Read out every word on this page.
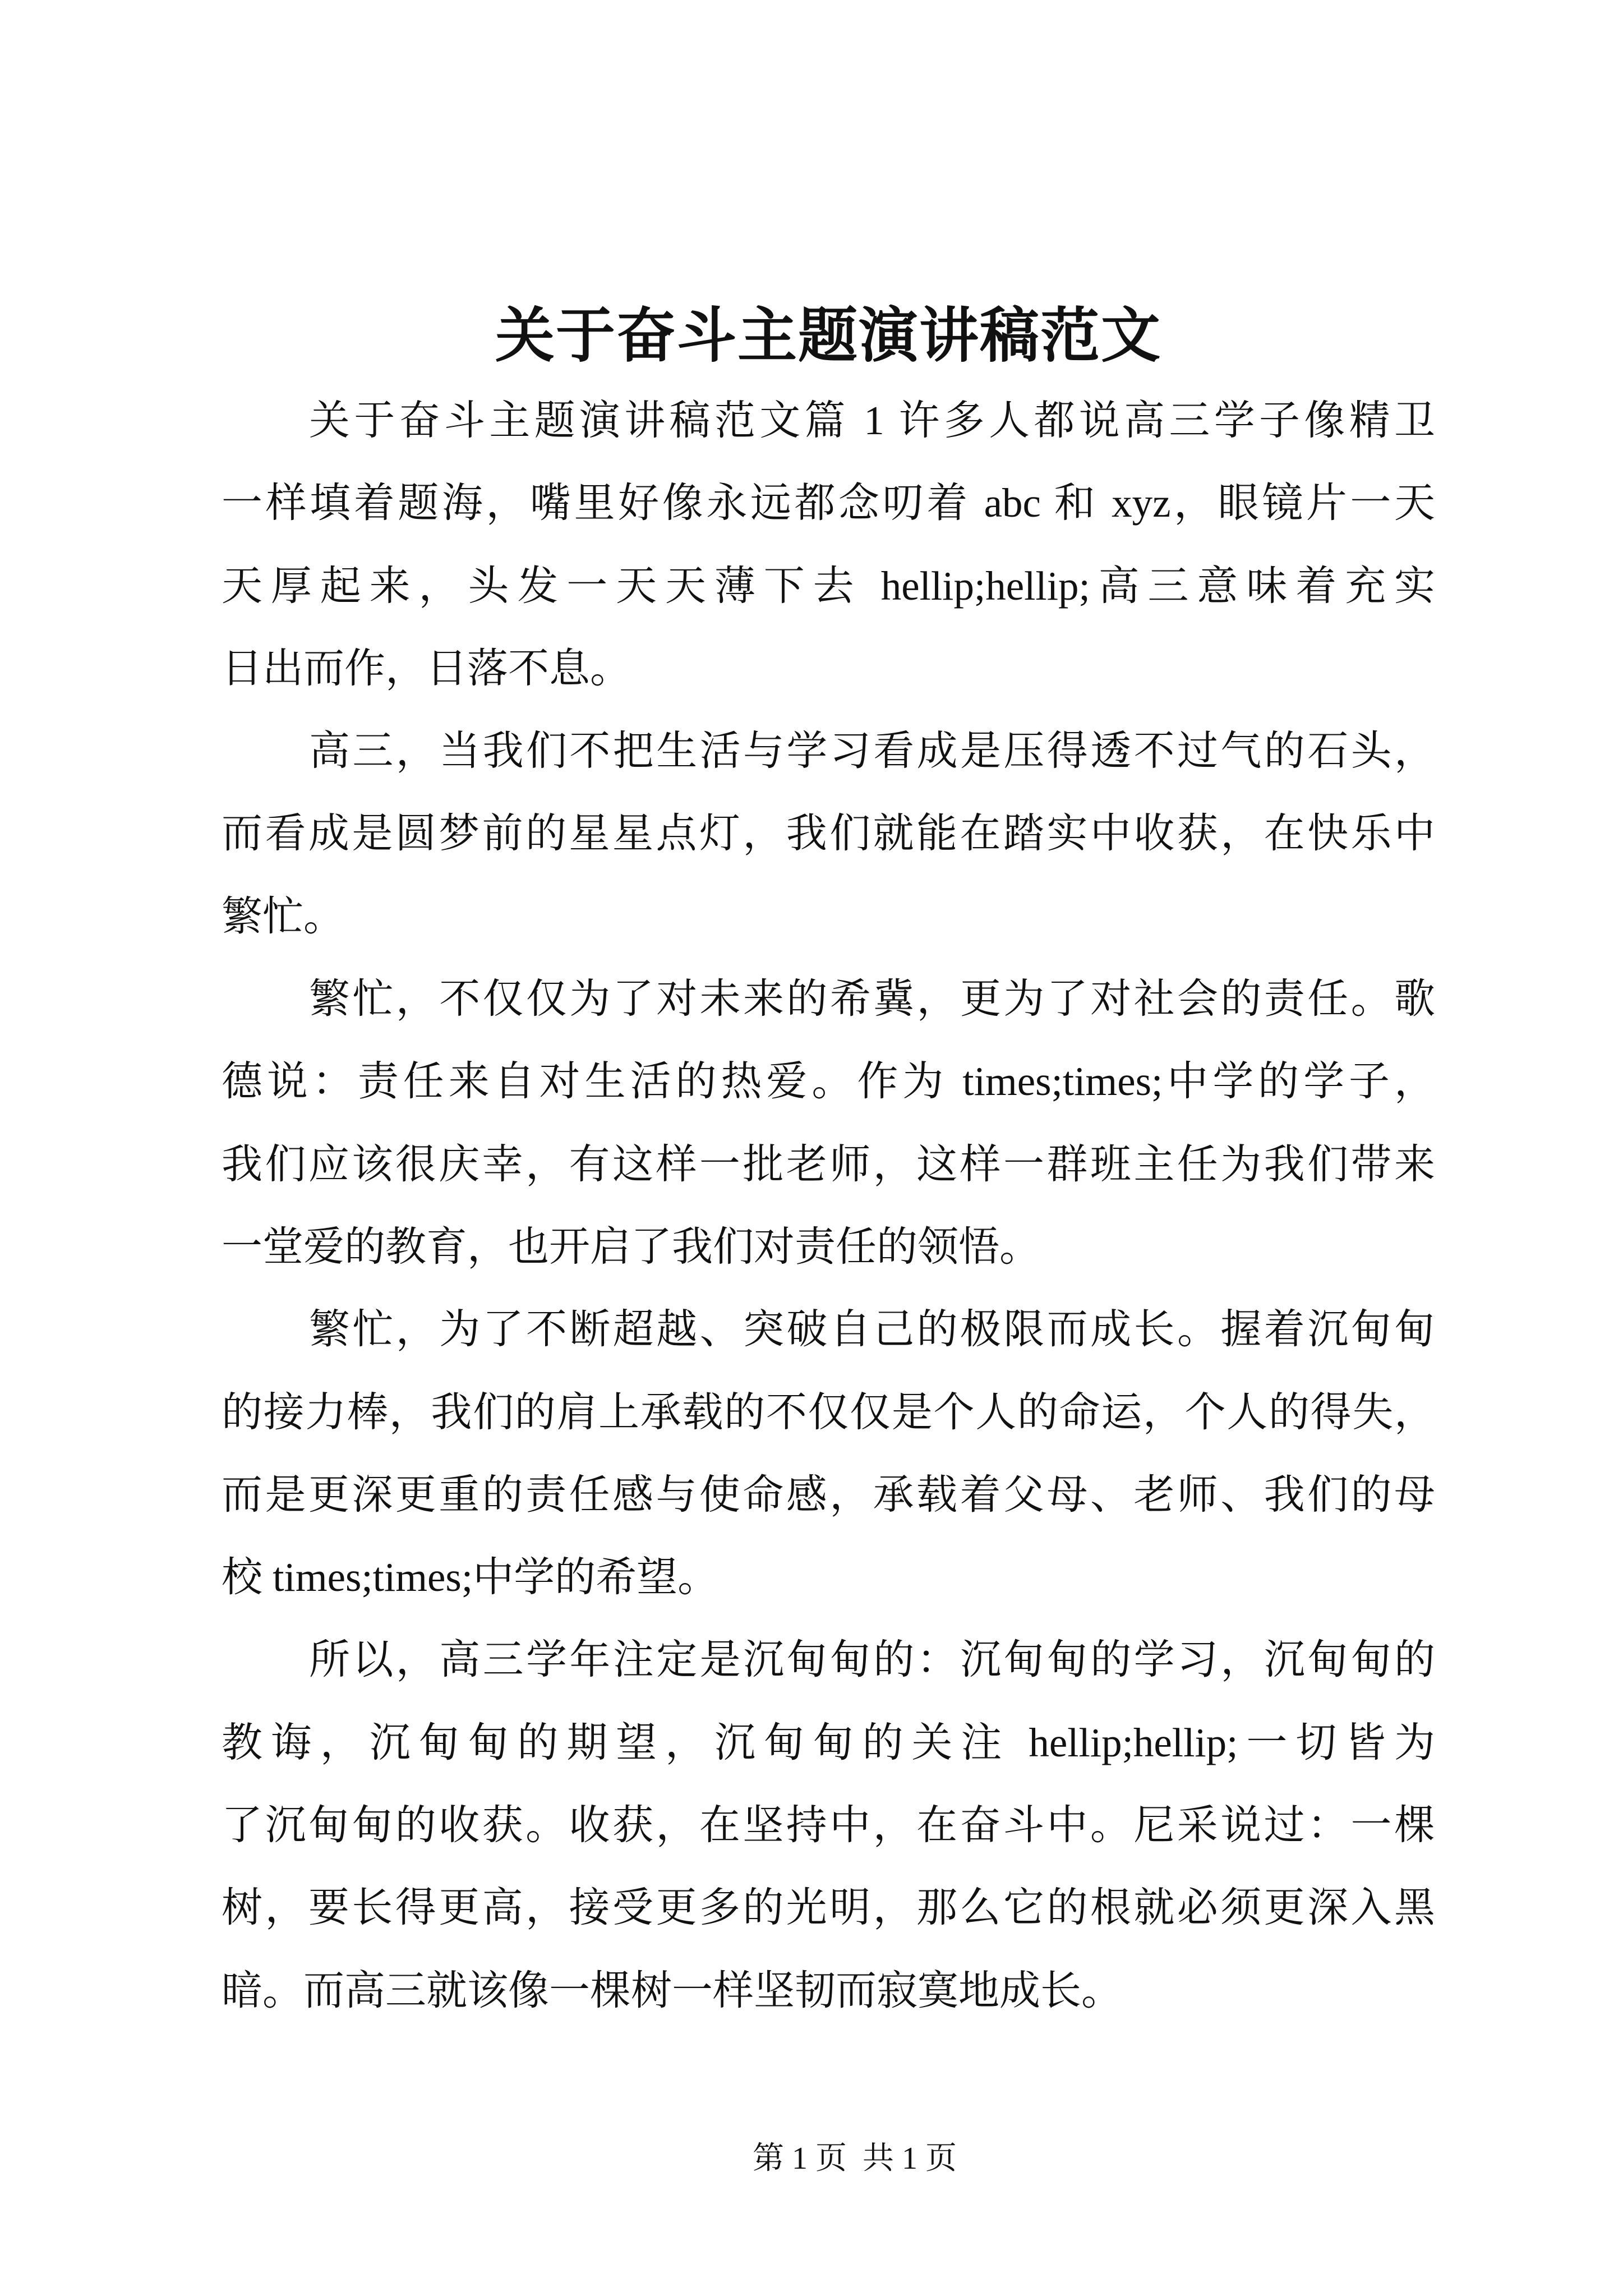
关于奋斗主题演讲稿范文
关于奋斗主题演讲稿范文篇 1 许多人都说高三学子像精卫
一样填着题海，嘴里好像永远都念叨着 abc 和 xyz，眼镜片一天
天厚起来，头发一天天薄下去 hellip;hellip;高三意味着充实
日出而作，日落不息。
高三，当我们不把生活与学习看成是压得透不过气的石头，
而看成是圆梦前的星星点灯，我们就能在踏实中收获，在快乐中
繁忙。
繁忙，不仅仅为了对未来的希冀，更为了对社会的责任。歌
德说：责任来自对生活的热爱。作为 times;times;中学的学子，
我们应该很庆幸，有这样一批老师，这样一群班主任为我们带来
一堂爱的教育，也开启了我们对责任的领悟。
繁忙，为了不断超越、突破自己的极限而成长。握着沉甸甸
的接力棒，我们的肩上承载的不仅仅是个人的命运，个人的得失，
而是更深更重的责任感与使命感，承载着父母、老师、我们的母
校 times;times;中学的希望。
所以，高三学年注定是沉甸甸的：沉甸甸的学习，沉甸甸的
教诲，沉甸甸的期望，沉甸甸的关注 hellip;hellip;一切皆为
了沉甸甸的收获。收获，在坚持中，在奋斗中。尼采说过：一棵
树，要长得更高，接受更多的光明，那么它的根就必须更深入黑
暗。而高三就该像一棵树一样坚韧而寂寞地成长。
第 1 页  共 1 页
